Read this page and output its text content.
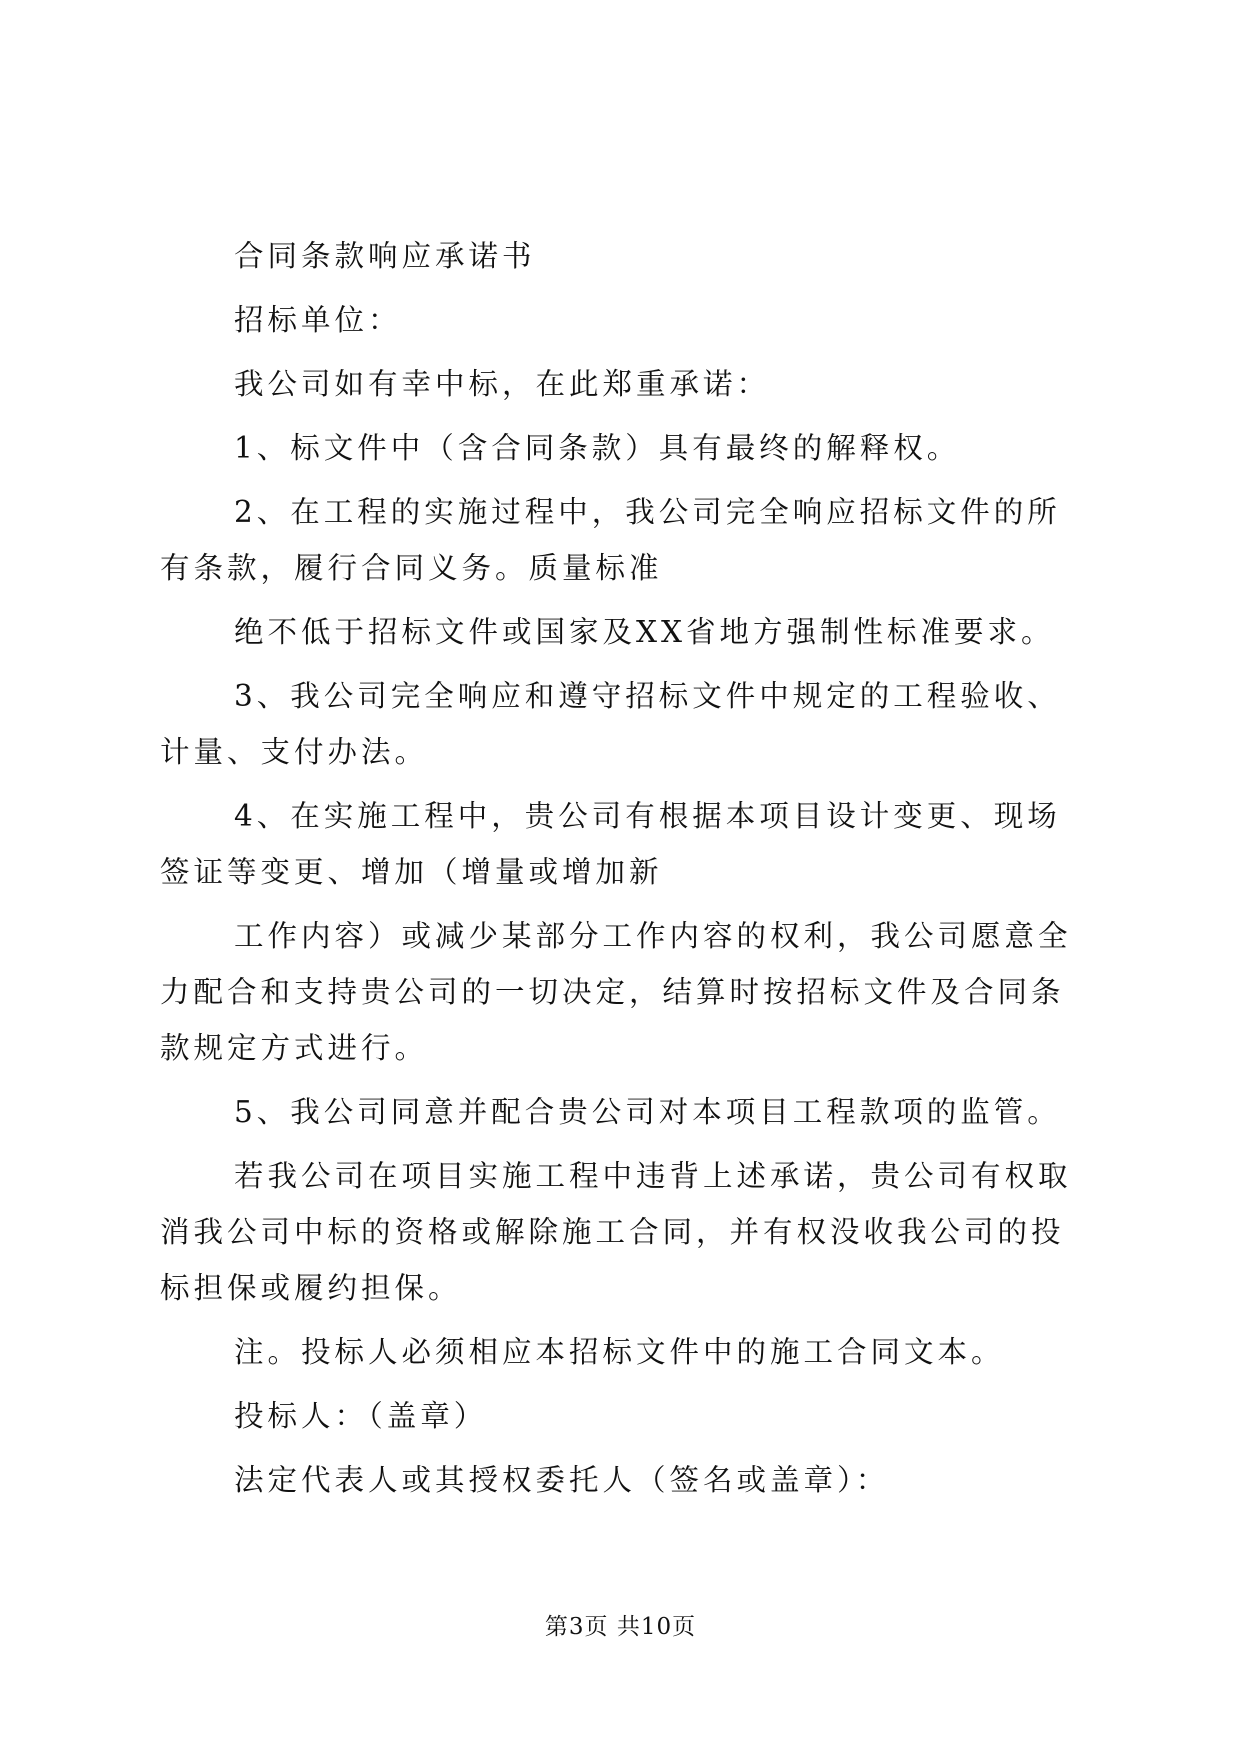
合同条款响应承诺书

招标单位：

我公司如有幸中标，在此郑重承诺：

1、标文件中（含合同条款）具有最终的解释权。

2、在工程的实施过程中，我公司完全响应招标文件的所有条款，履行合同义务。质量标准

绝不低于招标文件或国家及XX省地方强制性标准要求。

3、我公司完全响应和遵守招标文件中规定的工程验收、计量、支付办法。

4、在实施工程中，贵公司有根据本项目设计变更、现场签证等变更、增加（增量或增加新

工作内容）或减少某部分工作内容的权利，我公司愿意全力配合和支持贵公司的一切决定，结算时按招标文件及合同条款规定方式进行。

5、我公司同意并配合贵公司对本项目工程款项的监管。

若我公司在项目实施工程中违背上述承诺，贵公司有权取消我公司中标的资格或解除施工合同，并有权没收我公司的投标担保或履约担保。

注。投标人必须相应本招标文件中的施工合同文本。

投标人：（盖章）

法定代表人或其授权委托人（签名或盖章）：

第3页 共10页
